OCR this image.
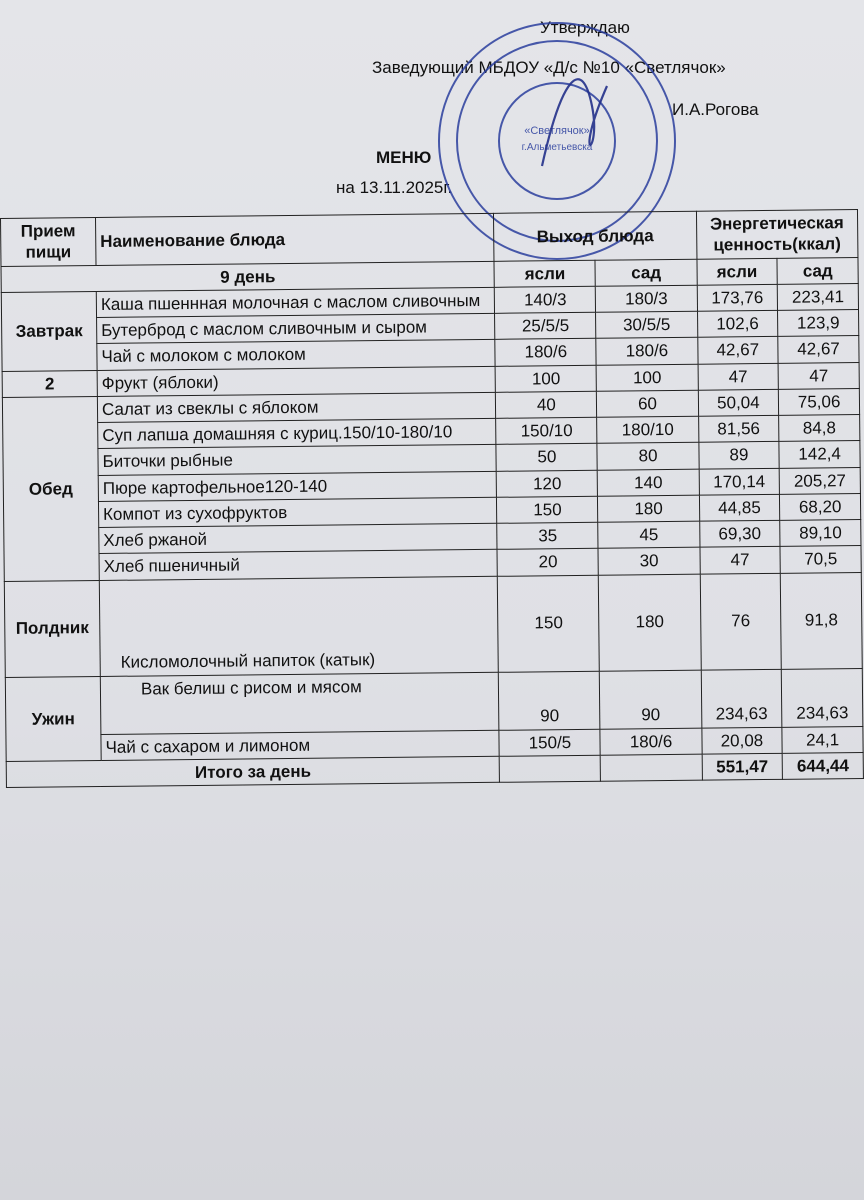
Утверждаю
Заведующий МБДОУ «Д/с №10 «Светлячок»
И.А.Рогова
МЕНЮ
на 13.11.2025г.
«Светлячок»
г.Альметьевска
Прием пищи	Наименование блюда	Выход блюда		Энергетическая ценность(ккал)	
9 день		ясли	сад	ясли	сад
Завтрак	Каша пшеннная молочная с маслом сливочным	140/3	180/3	173,76	223,41
	Бутерброд с маслом сливочным и сыром	25/5/5	30/5/5	102,6	123,9
	Чай с молоком с молоком	180/6	180/6	42,67	42,67
2	Фрукт (яблоки)	100	100	47	47
Обед	Салат из свеклы с яблоком	40	60	50,04	75,06
	Суп лапша домашняя с куриц.150/10-180/10	150/10	180/10	81,56	84,8
	Биточки рыбные	50	80	89	142,4
	Пюре картофельное120-140	120	140	170,14	205,27
	Компот из сухофруктов	150	180	44,85	68,20
	Хлеб ржаной	35	45	69,30	89,10
	Хлеб пшеничный	20	30	47	70,5
Полдник	Кисломолочный напиток (катык)	150	180	76	91,8
Ужин	Вак белиш с рисом и мясом	90	90	234,63	234,63
	Чай с сахаром и лимоном	150/5	180/6	20,08	24,1
Итого за день				551,47	644,44
